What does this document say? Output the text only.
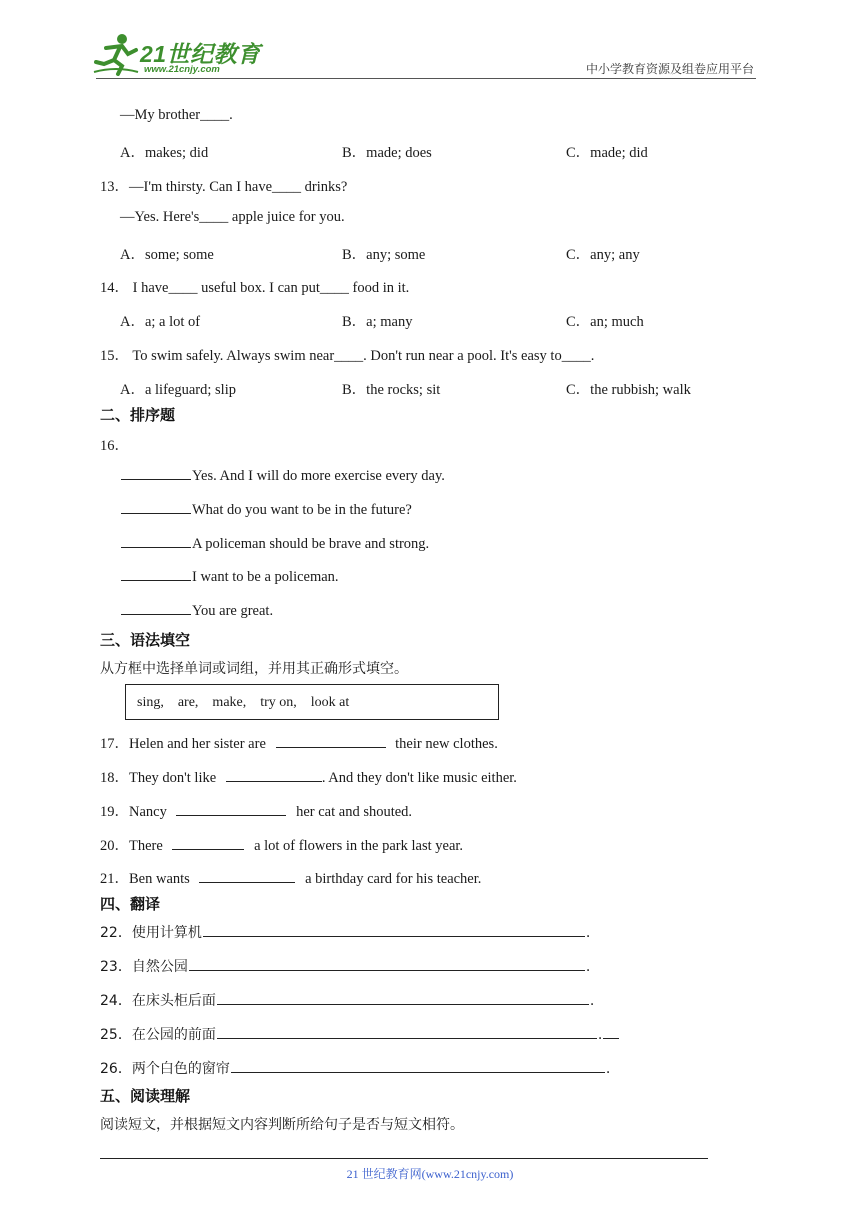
21世纪教育
www.21cnjy.com	中小学教育资源及组卷应用平台
—My brother____.
A．makes; did	B．made; does	C．made; did
13．—I'm thirsty. Can I have____ drinks?
—Yes. Here's____ apple juice for you.
A．some; some	B．any; some	C．any; any
14． I have____ useful box. I can put____ food in it.
A．a; a lot of	B．a; many	C．an; much
15． To swim safely. Always swim near____. Don't run near a pool. It's easy to____.
A．a lifeguard; slip	B．the rocks; sit	C．the rubbish; walk
二、排序题
16．
Yes. And I will do more exercise every day.
What do you want to be in the future?
A policeman should be brave and strong.
I want to be a policeman.
You are great.
三、语法填空
从方框中选择单词或词组，并用其正确形式填空。
sing,    are,    make,    try on,    look at
17．Helen and her sister are	their new clothes.
18．They don't like	. And they don't like music either.
19．Nancy	her cat and shouted.
20．There	a lot of flowers in the park last year.
21．Ben wants	a birthday card for his teacher.
四、翻译
22．使用计算机	.
23．自然公园	.
24．在床头柜后面	.
25．在公园的前面	.
26．两个白色的窗帘	.
五、阅读理解
阅读短文，并根据短文内容判断所给句子是否与短文相符。
21 世纪教育网(www.21cnjy.com)
